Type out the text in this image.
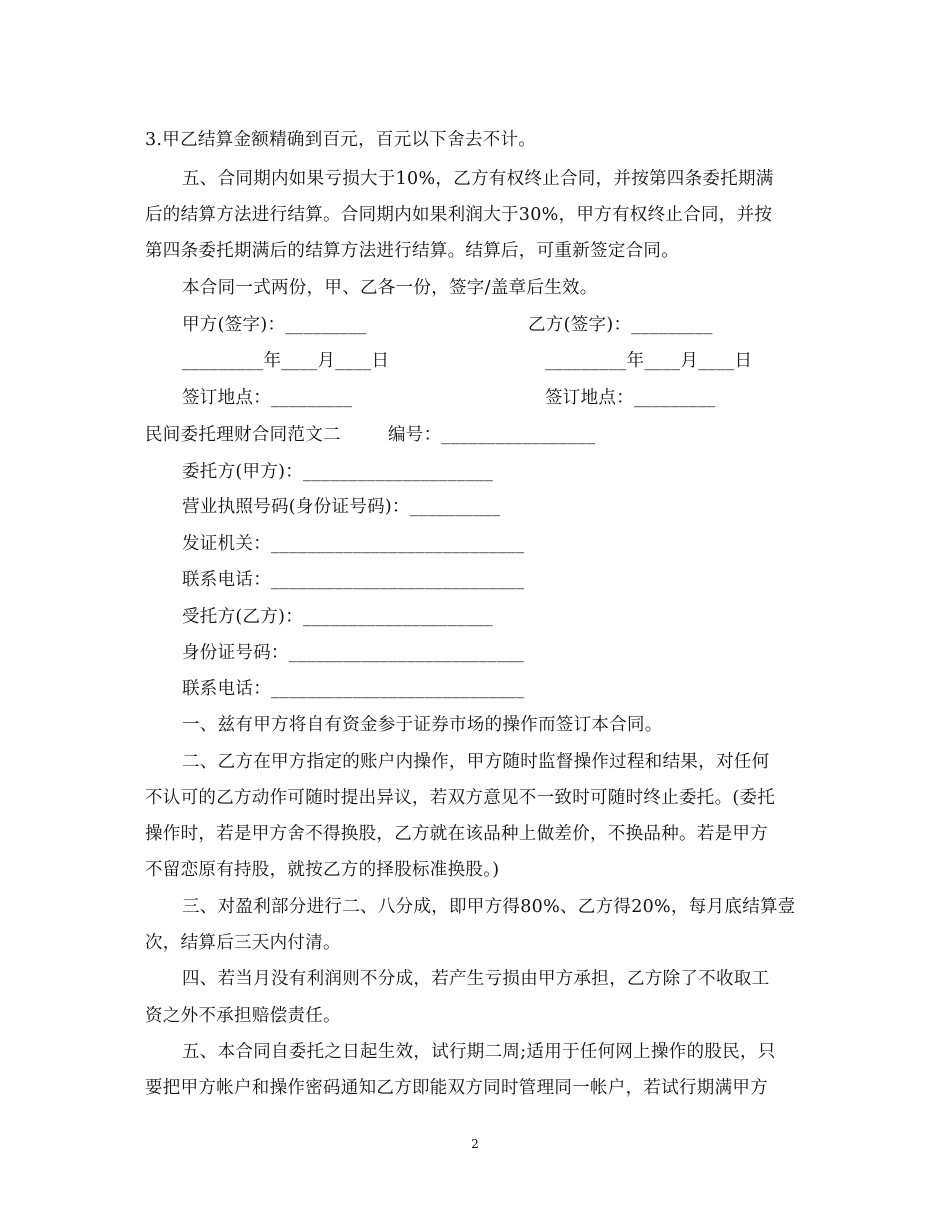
3.甲乙结算金额精确到百元，百元以下舍去不计。
五、合同期内如果亏损大于10%，乙方有权终止合同，并按第四条委托期满
后的结算方法进行结算。合同期内如果利润大于30%，甲方有权终止合同，并按
第四条委托期满后的结算方法进行结算。结算后，可重新签定合同。
本合同一式两份，甲、乙各一份，签字/盖章后生效。
甲方(签字)：_________	乙方(签字)：_________
_________年____月____日	_________年____月____日
签订地点：_________	签订地点：_________
民间委托理财合同范文二	编号：_________________
委托方(甲方)：_____________________
营业执照号码(身份证号码)：__________
发证机关：____________________________
联系电话：____________________________
受托方(乙方)：_____________________
身份证号码：__________________________
联系电话：____________________________
一、兹有甲方将自有资金参于证券市场的操作而签订本合同。
二、乙方在甲方指定的账户内操作，甲方随时监督操作过程和结果，对任何
不认可的乙方动作可随时提出异议，若双方意见不一致时可随时终止委托。(委托
操作时，若是甲方舍不得换股，乙方就在该品种上做差价，不换品种。若是甲方
不留恋原有持股，就按乙方的择股标准换股。)
三、对盈利部分进行二、八分成，即甲方得80%、乙方得20%，每月底结算壹
次，结算后三天内付清。
四、若当月没有利润则不分成，若产生亏损由甲方承担，乙方除了不收取工
资之外不承担赔偿责任。
五、本合同自委托之日起生效，试行期二周;适用于任何网上操作的股民，只
要把甲方帐户和操作密码通知乙方即能双方同时管理同一帐户，若试行期满甲方
2
